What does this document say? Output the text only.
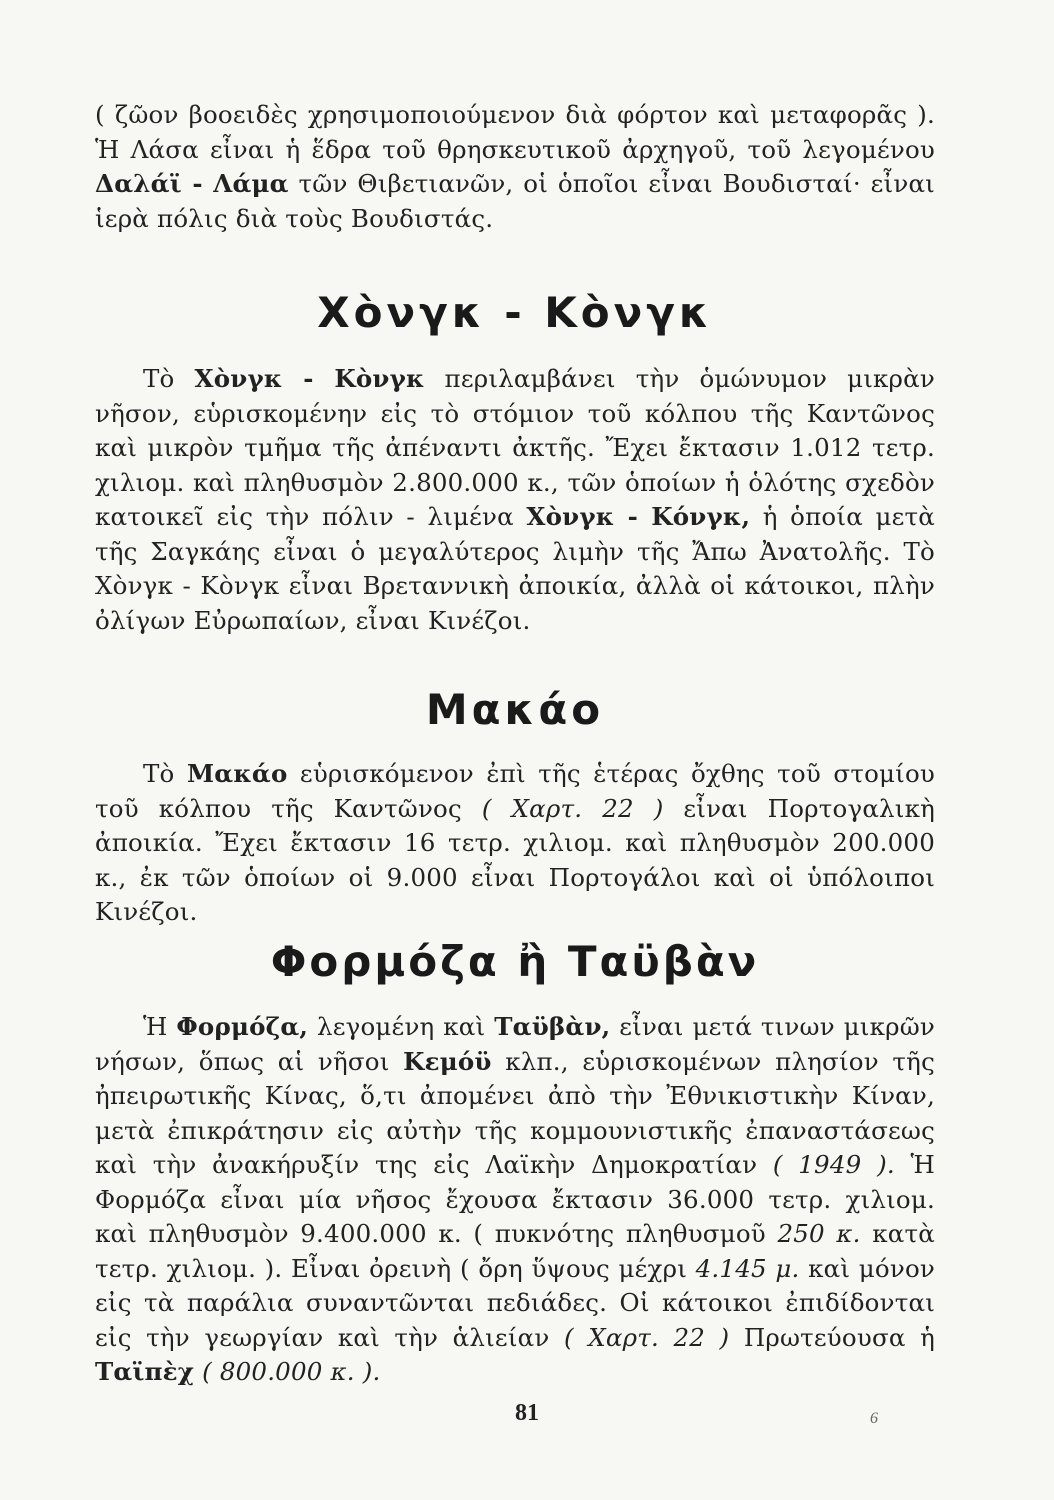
( ζῶον βοοειδὲς χρησιμοποιούμενον διὰ φόρτον καὶ μεταφορᾶς ). Ἡ Λάσα εἶναι ἡ ἕδρα τοῦ θρησκευτικοῦ ἀρχηγοῦ, τοῦ λεγομένου Δαλάϊ - Λάμα τῶν Θιβετιανῶν, οἱ ὁποῖοι εἶναι Βουδισταί· εἶναι ἱερὰ πόλις διὰ τοὺς Βουδιστάς.

Χὸνγκ - Κὸνγκ

Τὸ Χὸνγκ - Κὸνγκ περιλαμβάνει τὴν ὁμώνυμον μικρὰν νῆσον, εὑρισκομένην εἰς τὸ στόμιον τοῦ κόλπου τῆς Καντῶνος καὶ μικρὸν τμῆμα τῆς ἀπέναντι ἀκτῆς. Ἔχει ἔκτασιν 1.012 τετρ. χιλιομ. καὶ πληθυσμὸν 2.800.000 κ., τῶν ὁποίων ἡ ὁλότης σχεδὸν κατοικεῖ εἰς τὴν πόλιν - λιμένα Χὸνγκ - Κόνγκ, ἡ ὁποία μετὰ τῆς Σαγκάης εἶναι ὁ μεγαλύτερος λιμὴν τῆς Ἄπω Ἀνατολῆς. Τὸ Χὸνγκ - Κὸνγκ εἶναι Βρεταννικὴ ἀποικία, ἀλλὰ οἱ κάτοικοι, πλὴν ὀλίγων Εὐρωπαίων, εἶναι Κινέζοι.

Μακάο

Τὸ Μακάο εὑρισκόμενον ἐπὶ τῆς ἑτέρας ὄχθης τοῦ στομίου τοῦ κόλπου τῆς Καντῶνος ( Χαρτ. 22 ) εἶναι Πορτογαλικὴ ἀποικία. Ἔχει ἔκτασιν 16 τετρ. χιλιομ. καὶ πληθυσμὸν 200.000 κ., ἐκ τῶν ὁποίων οἱ 9.000 εἶναι Πορτογάλοι καὶ οἱ ὑπόλοιποι Κινέζοι.

Φορμόζα ἢ Ταϋβὰν

Ἡ Φορμόζα, λεγομένη καὶ Ταϋβὰν, εἶναι μετά τινων μικρῶν νήσων, ὅπως αἱ νῆσοι Κεμόϋ κλπ., εὑρισκομένων πλησίον τῆς ἠπειρωτικῆς Κίνας, ὅ,τι ἀπομένει ἀπὸ τὴν Ἐθνικιστικὴν Κίναν, μετὰ ἐπικράτησιν εἰς αὐτὴν τῆς κομμουνιστικῆς ἐπαναστάσεως καὶ τὴν ἀνακήρυξίν της εἰς Λαϊκὴν Δημοκρατίαν ( 1949 ). Ἡ Φορμόζα εἶναι μία νῆσος ἔχουσα ἔκτασιν 36.000 τετρ. χιλιομ. καὶ πληθυσμὸν 9.400.000 κ. ( πυκνότης πληθυσμοῦ 250 κ. κατὰ τετρ. χιλιομ. ). Εἶναι ὀρεινὴ ( ὄρη ὕψους μέχρι 4.145 μ. καὶ μόνον εἰς τὰ παράλια συναντῶνται πεδιάδες. Οἱ κάτοικοι ἐπιδίδονται εἰς τὴν γεωργίαν καὶ τὴν ἁλιείαν ( Χαρτ. 22 ) Πρωτεύουσα ἡ Ταϊπὲχ ( 800.000 κ. ).

81	6
